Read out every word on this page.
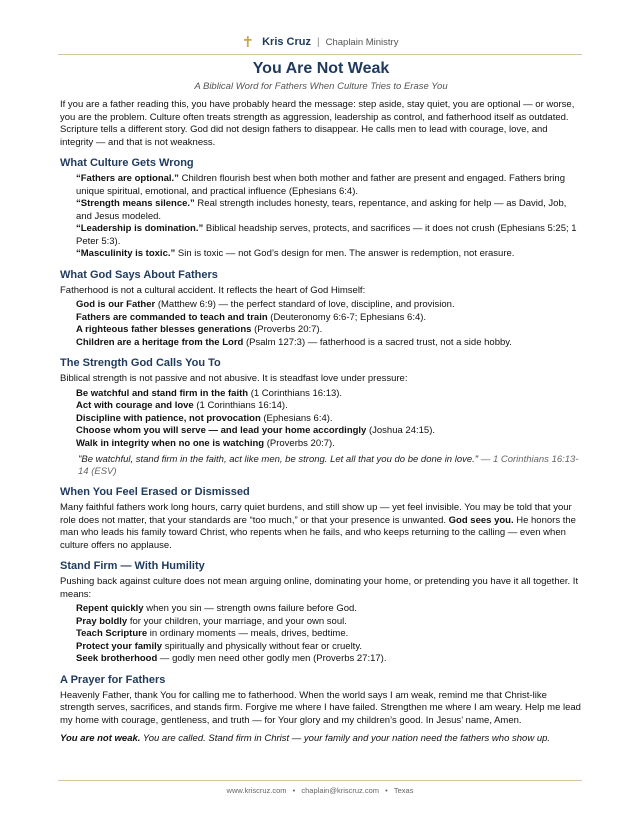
✝ Kris Cruz | Chaplain Ministry
You Are Not Weak
A Biblical Word for Fathers When Culture Tries to Erase You

If you are a father reading this, you have probably heard the message: step aside, stay quiet, you are optional — or worse, you are the problem. Culture often treats strength as aggression, leadership as control, and fatherhood itself as outdated. Scripture tells a different story. God did not design fathers to disappear. He calls men to lead with courage, love, and integrity — and that is not weakness.

What Culture Gets Wrong
“Fathers are optional.” Children flourish best when both mother and father are present and engaged. Fathers bring unique spiritual, emotional, and practical influence (Ephesians 6:4).
“Strength means silence.” Real strength includes honesty, tears, repentance, and asking for help — as David, Job, and Jesus modeled.
“Leadership is domination.” Biblical headship serves, protects, and sacrifices — it does not crush (Ephesians 5:25; 1 Peter 5:3).
“Masculinity is toxic.” Sin is toxic — not God’s design for men. The answer is redemption, not erasure.
What God Says About Fathers

Fatherhood is not a cultural accident. It reflects the heart of God Himself:

God is our Father (Matthew 6:9) — the perfect standard of love, discipline, and provision.
Fathers are commanded to teach and train (Deuteronomy 6:6-7; Ephesians 6:4).
A righteous father blesses generations (Proverbs 20:7).
Children are a heritage from the Lord (Psalm 127:3) — fatherhood is a sacred trust, not a side hobby.
The Strength God Calls You To

Biblical strength is not passive and not abusive. It is steadfast love under pressure:

Be watchful and stand firm in the faith (1 Corinthians 16:13).
Act with courage and love (1 Corinthians 16:14).
Discipline with patience, not provocation (Ephesians 6:4).
Choose whom you will serve — and lead your home accordingly (Joshua 24:15).
Walk in integrity when no one is watching (Proverbs 20:7).
"Be watchful, stand firm in the faith, act like men, be strong. Let all that you do be done in love." — 1 Corinthians 16:13-14 (ESV)
When You Feel Erased or Dismissed

Many faithful fathers work long hours, carry quiet burdens, and still show up — yet feel invisible. You may be told that your role does not matter, that your standards are “too much,” or that your presence is unwanted. God sees you. He honors the man who leads his family toward Christ, who repents when he fails, and who keeps returning to the calling — even when culture offers no applause.

Stand Firm — With Humility

Pushing back against culture does not mean arguing online, dominating your home, or pretending you have it all together. It means:

Repent quickly when you sin — strength owns failure before God.
Pray boldly for your children, your marriage, and your own soul.
Teach Scripture in ordinary moments — meals, drives, bedtime.
Protect your family spiritually and physically without fear or cruelty.
Seek brotherhood — godly men need other godly men (Proverbs 27:17).
A Prayer for Fathers

Heavenly Father, thank You for calling me to fatherhood. When the world says I am weak, remind me that Christ-like strength serves, sacrifices, and stands firm. Forgive me where I have failed. Strengthen me where I am weary. Help me lead my home with courage, gentleness, and truth — for Your glory and my children’s good. In Jesus’ name, Amen.

You are not weak. You are called. Stand firm in Christ — your family and your nation need the fathers who show up.

www.kriscruz.com • chaplain@kriscruz.com • Texas
